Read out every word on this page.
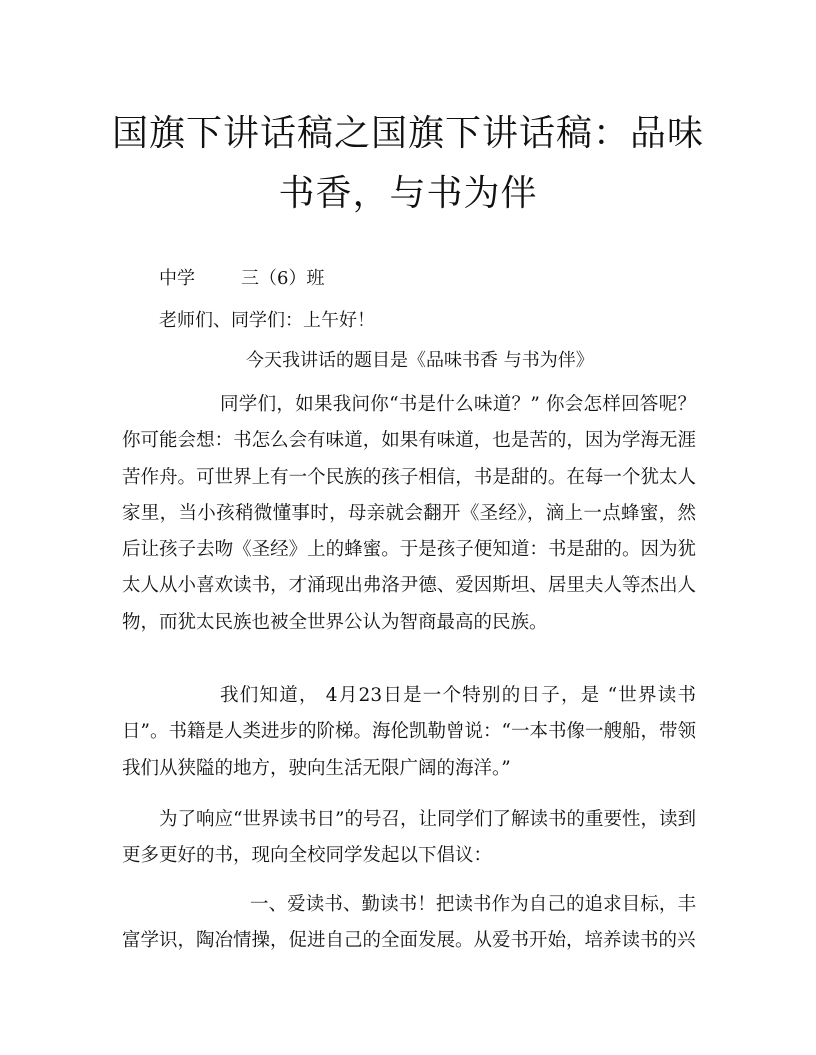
国旗下讲话稿之国旗下讲话稿：品味书香，与书为伴

中学	三（6）班

老师们、同学们：上午好！

今天我讲话的题目是《品味书香 与书为伴》

同学们，如果我问你“书是什么味道？” 你会怎样回答呢？你可能会想：书怎么会有味道，如果有味道，也是苦的，因为学海无涯苦作舟。可世界上有一个民族的孩子相信，书是甜的。在每一个犹太人家里，当小孩稍微懂事时，母亲就会翻开《圣经》，滴上一点蜂蜜，然后让孩子去吻《圣经》上的蜂蜜。于是孩子便知道：书是甜的。因为犹太人从小喜欢读书，才涌现出弗洛尹德、爱因斯坦、居里夫人等杰出人物，而犹太民族也被全世界公认为智商最高的民族。

我们知道， 4月23日是一个特别的日子，是 “世界读书日”。书籍是人类进步的阶梯。海伦凯勒曾说：“一本书像一艘船，带领我们从狭隘的地方，驶向生活无限广阔的海洋。”

为了响应“世界读书日”的号召，让同学们了解读书的重要性，读到更多更好的书，现向全校同学发起以下倡议：

一、爱读书、勤读书！把读书作为自己的追求目标，丰富学识，陶冶情操，促进自己的全面发展。从爱书开始，培养读书的兴
